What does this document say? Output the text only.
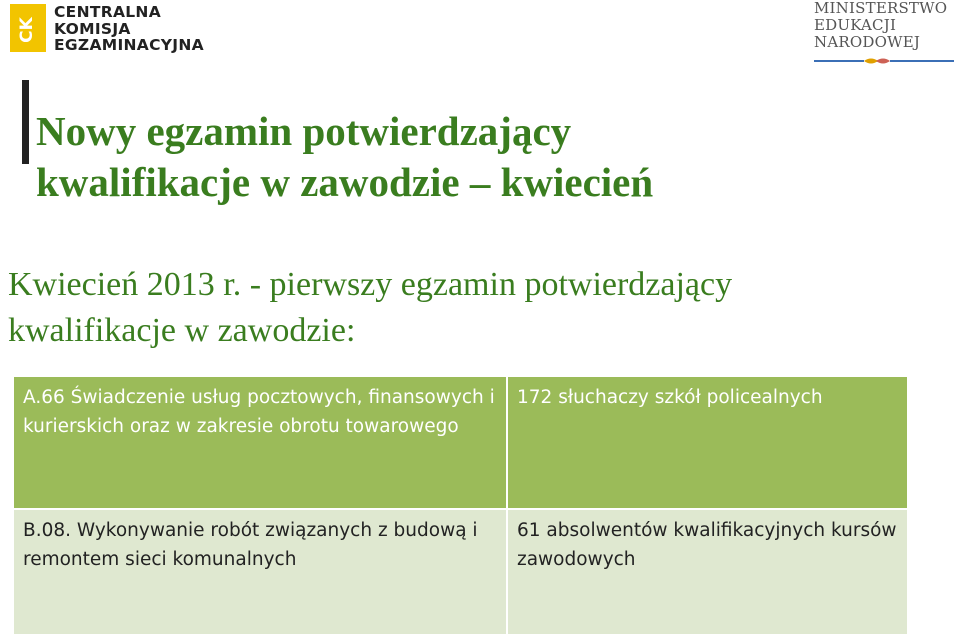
CK
CENTRALNA
KOMISJA
EGZAMINACYJNA
MINISTERSTWO
EDUKACJI
NARODOWEJ
Nowy egzamin potwierdzający
kwalifikacje w zawodzie – kwiecień
Kwiecień 2013 r. - pierwszy egzamin potwierdzający
kwalifikacje w zawodzie:
A.66 Świadczenie usług pocztowych, finansowych i kurierskich oraz w zakresie obrotu towarowego
172 słuchaczy szkół policealnych
B.08. Wykonywanie robót związanych z budową i remontem sieci komunalnych
61 absolwentów kwalifikacyjnych kursów zawodowych
